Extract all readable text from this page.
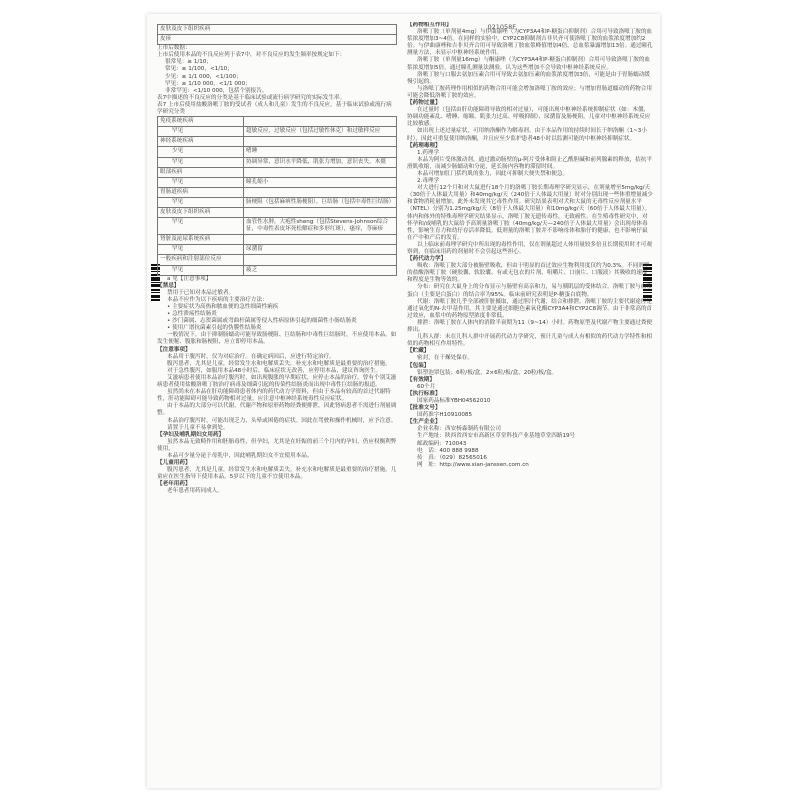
021058F
皮肤及皮下组织疾病
皮疹

上市后数据：

上市后使用本品的不良反应列于表7中，对不良反应的发生频率按规定如下：

很常见：≥ 1/10；

常见：≥ 1/100，<1/10；

少见：≥ 1/1 000，<1/100；

罕见：≥ 1/10 000，<1/1 000；

非常罕见：<1/10 000，包括个别报告。

表7中描述的不良反应的分类是基于临床试验或流行病学研究的实际发生率。

表7 上市后使用盐酸洛哌丁胺的受试者（成人和儿童）发生的不良反应，基于临床试验或流行病学研究分类

免疫系统疾病	
罕见	超敏反应，过敏反应（包括过敏性休克）和过敏样反应
神经系统疾病	
少见	嗜睡
罕见	协调异常，意识水平降低，肌张力增加，意识丧失，木僵
眼部疾病	
罕见	瞳孔缩小
胃肠道疾病	
罕见	肠梗阻（包括麻痹性肠梗阻），巨结肠（包括中毒性巨结肠）
皮肤及皮下组织疾病	
罕见	血管性水肿，大疱性sheng（包括Stevens-Johnson综合征，中毒性表皮坏死松解症和多形红斑），瘙痒，荨麻疹
肾脏及泌尿系统疾病	
罕见	尿潴留
一般疾病和注射部位反应	
罕见	疲乏

a 见【注意事项】

【禁忌】

禁用于已知对本品过敏者。

本品不应作为以下疾病的主要治疗方法：

• 主要症状为高热和脓血便的急性细菌性痢疾

• 急性溃疡性结肠炎

• 沙门菌属、志贺菌属或弯曲杆菌属等侵入性病原体引起的细菌性小肠结肠炎

• 使用广谱抗菌素引起的伪膜性结肠炎

一般情况下，由于抑制肠蠕动可能导致肠梗阻、巨结肠和中毒性巨结肠时，不应使用本品。如发生便秘、腹胀和肠梗阻，应立即停用本品。

【注意事项】

本品用于腹泻时，仅为对症治疗。在确定病因后，应进行特定治疗。

腹泻患者，尤其是儿童，经常发生水和电解质丢失。补充水和电解质是最重要的治疗措施。

对于急性腹泻，如服用本品48小时后，临床症状无改善，应停用本品，建议咨询医生。

艾滋病患者使用本品治疗腹泻时，如出现腹胀的早期症状，应停止本品的治疗。曾有个别艾滋病患者使用盐酸洛哌丁胺治疗病毒及细菌引起的传染性结肠炎而出现中毒性巨结肠的报道。

虽然尚未在本品在肝功能障碍患者体内的药代动力学资料，但由于本品有较高的首过代谢特性，肝功能障碍可能导致药物相对过量，应注意中枢神经系统毒性反应症状。

由于本品的大部分可以代谢，代谢产物和原形药物经粪便排泄，因此肾病患者不需进行剂量调整。

本品治疗腹泻时，可能出现乏力、头晕或困倦的症状。因此在驾驶和操作机械时，应予注意。

请置于儿童不易拿到处。

【孕妇及哺乳期妇女用药】

虽然本品无致畸作用和胚胎毒性，但孕妇，尤其是在妊娠的前三个月内的孕妇，仍应权衡利弊使用。

本品可少量分泌于母乳中，因此哺乳期妇女不宜使用本品。

【儿童用药】

腹泻患者，尤其是儿童，经常发生水和电解质丢失，补充水和电解质是最重要的治疗措施。儿童应在医生指导下使用本品。5岁以下的儿童不宜使用本品。

【老年用药】

老年患者用药同成人。

【药物相互作用】

洛哌丁胺（单剂量4mg）与伊曲康唑（为CYP3A4和P-糖蛋白抑制剂）合用可导致洛哌丁胺的血浆浓度增加3~4倍。在同样的实验中，CYP2C8抑制剂吉非贝齐可使洛哌丁胺的血浆浓度增加约2倍。与伊曲康唑和吉非贝齐合用可导致洛哌丁胺血浆峰值增加4倍，总血浆暴露增加13倍。通过瞳孔测量方法，未显示中枢神经系统作用。

洛哌丁胺（单剂量16mg）与酮康唑（为CYP3A4和P-糖蛋白抑制剂）合用可导致洛哌丁胺的血浆浓度增加5倍。通过瞳孔测量法测验，认为这些增加不会导致中枢神经系统反应。

洛哌丁胺与口服去氨加压素合用可导致去氨加压素的血浆浓度增加3倍，可能是由于胃肠蠕动缓慢引起的。

与洛哌丁胺药理作用相似的药物合用可能会增加洛哌丁胺的效应；与增加胃肠道蠕动的药物合用可能会降低洛哌丁胺的效应。

【药物过量】

在过量时（包括由肝功能障碍导致的相对过量），可能出现中枢神经系统抑制症状（如：木僵、协调功能紊乱、嗜睡、缩瞳、肌张力过高、呼吸抑制）、尿潴留及肠梗阻。儿童对中枢神经系统反应比较敏感。

如出现上述过量症状，可用纳洛酮作为解毒剂。由于本品作用的持续时间长于纳洛酮（1~3小时），因此可重复使用纳洛酮，并且应至少监护患者48小时以监测可能的中枢神经抑制症状。

【药理毒理】

1.药理学

本品为阿片受体激动剂，通过激动肠壁的μ-阿片受体和阻止乙酰胆碱和前列腺素的释放，拮抗平滑肌收缩，而减少肠蠕动和分泌，延长肠内容物的滞留时间。

本品可增加肛门括约肌的张力，因此可抑制大便失禁和便急。

2.毒理学

对大进行12个月和对大鼠进行18个月的洛哌丁胺长期毒理学研究显示，在剂量增至5mg/kg/天（30倍于人体最大用量）和40mg/kg/天（240倍于人体最大用量）时对分别出现一些体重增量减少和食物消耗量增加。此外未发现其它毒性作用。研究结果表明对犬和大鼠的无毒性反应剂量水平（NTEL）分别为1.25mg/kg/天（8倍于人体最大用量）和10mg/kg/天（60倍于人体最大用量）。体内和体外的特殊毒理学研究结果显示，洛哌丁胺无遗传毒性，无致癌性。在生殖毒性研究中，对怀孕和/或哺乳的大鼠给予高剂量洛哌丁胺（40mg/kg/天—240倍于人体最大用量）会出现母体毒性，影响生育力和幼仔存活率降低。低剂量的洛哌丁胺并不影响母体和胎仔的健康，也不影响仔鼠在产中和产后的发育。

以上临床前毒理学研究中所出现的毒性作用，仅在剂量超过人体用量较多倍且长期使用时才可观察到，在临床用药的剂量时不会引起这些担心。

【药代动力学】

吸收：洛哌丁胺大部分被肠壁吸收，但由于明显的首过效应生物利用度仅约为0.3%。不同剂型的盐酸洛哌丁胺（硬胶囊、软胶囊、有或无包衣的片剂、咀嚼片、口崩片、口服液）其吸收的速度和程度是生物等效的。

分布：研究在大鼠身上的分布显示与肠壁有高亲和力，易与胰肌层的受体结合。洛哌丁胺与血浆蛋白（主要是白蛋白）的结合率为95%。临床前研究表明是P-糖蛋白底物。

代谢：洛哌丁胺几乎全部被肝脏摄取，通过胆汁代谢，结合和排泄。洛哌丁胺的主要代谢途径是通过氧化的N-去甲基作用，其主要是通过细胞色素氧化酶CYP3A4和CYP2C8调节。由于非常高的首过效应，血浆中的药物原型浓度非常低。

排泄：洛哌丁胺在人体内的消除半衰期为11（9~14）小时。药物原型及代谢产物主要通过粪便排出。

儿科人群：未在儿科人群中开展药代动力学研究，预计儿童与成人有相似的药代动力学特性和相似的药物相互作用特性。

【贮藏】

密封，在干燥处保存。

【包装】

铝塑泡罩包装；6粒/板/盒，2×6粒/板/盒，20粒/板/盒。

【有效期】

60个月

【执行标准】

国家药品标准YBH04562010

【批准文号】

国药准字H10910085

【生产企业】

企业名称：西安杨森制药有限公司

生产地址：陕西省西安市高新区草堂科技产业基地草堂四路19号

邮政编码：710043

电　话：400 888 9988

传　真：（029）82565016

网　址：http://www.xian-janssen.com.cn
